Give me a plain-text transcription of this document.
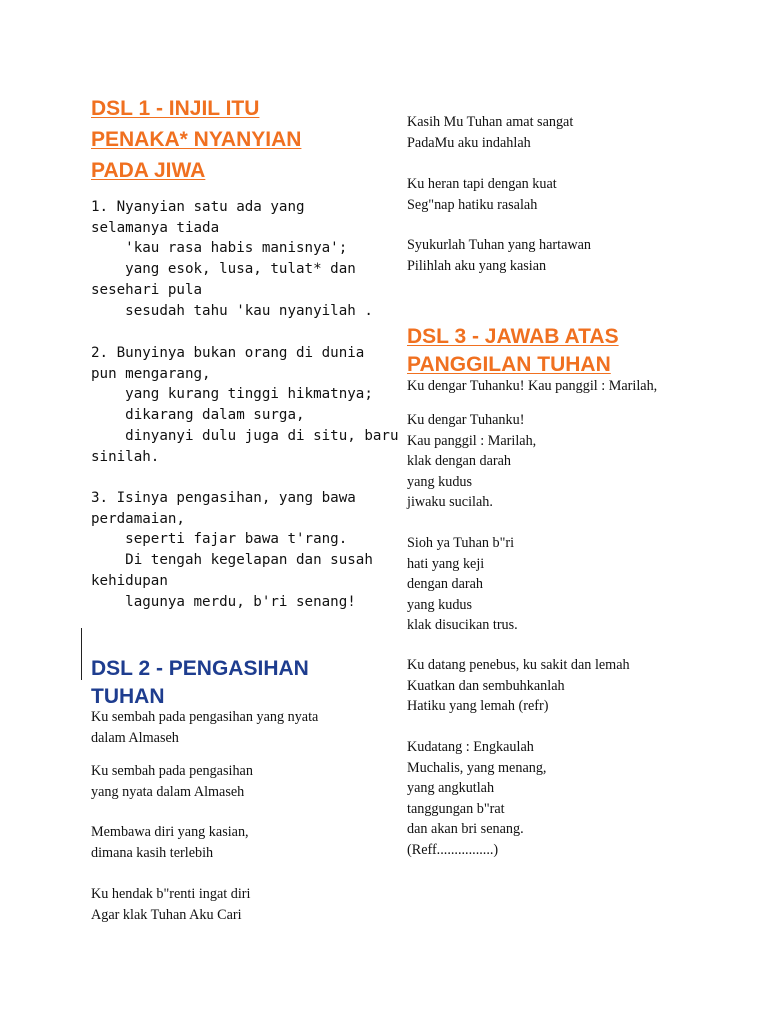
DSL 1 - INJIL ITU
PENAKA* NYANYIAN
PADA JIWA

1. Nyanyian satu ada yang
selamanya tiada
'kau rasa habis manisnya';
yang esok, lusa, tulat* dan
sesehari pula
sesudah tahu 'kau nyanyilah .

2. Bunyinya bukan orang di dunia
pun mengarang,
yang kurang tinggi hikmatnya;
dikarang dalam surga,
dinyanyi dulu juga di situ, baru
sinilah.

3. Isinya pengasihan, yang bawa
perdamaian,
seperti fajar bawa t'rang.
Di tengah kegelapan dan susah
kehidupan
lagunya merdu, b'ri senang!

DSL 2 - PENGASIHAN
TUHAN

Ku sembah pada pengasihan yang nyata
dalam Almaseh

Ku sembah pada pengasihan
yang nyata dalam Almaseh

Membawa diri yang kasian,
dimana kasih terlebih

Ku hendak b"renti ingat diri
Agar klak Tuhan Aku Cari

Kasih Mu Tuhan amat sangat
PadaMu aku indahlah

Ku heran tapi dengan kuat
Seg"nap hatiku rasalah

Syukurlah Tuhan yang hartawan
Pilihlah aku yang kasian

DSL 3 - JAWAB ATAS
PANGGILAN TUHAN

Ku dengar Tuhanku! Kau panggil : Marilah,

Ku dengar Tuhanku!
Kau panggil : Marilah,
klak dengan darah
yang kudus
jiwaku sucilah.

Sioh ya Tuhan b"ri
hati yang keji
dengan darah
yang kudus
klak disucikan trus.

Ku datang penebus, ku sakit dan lemah
Kuatkan dan sembuhkanlah
Hatiku yang lemah (refr)

Kudatang : Engkaulah
Muchalis, yang menang,
yang angkutlah
tanggungan b"rat
dan akan bri senang.
(Reff................)
